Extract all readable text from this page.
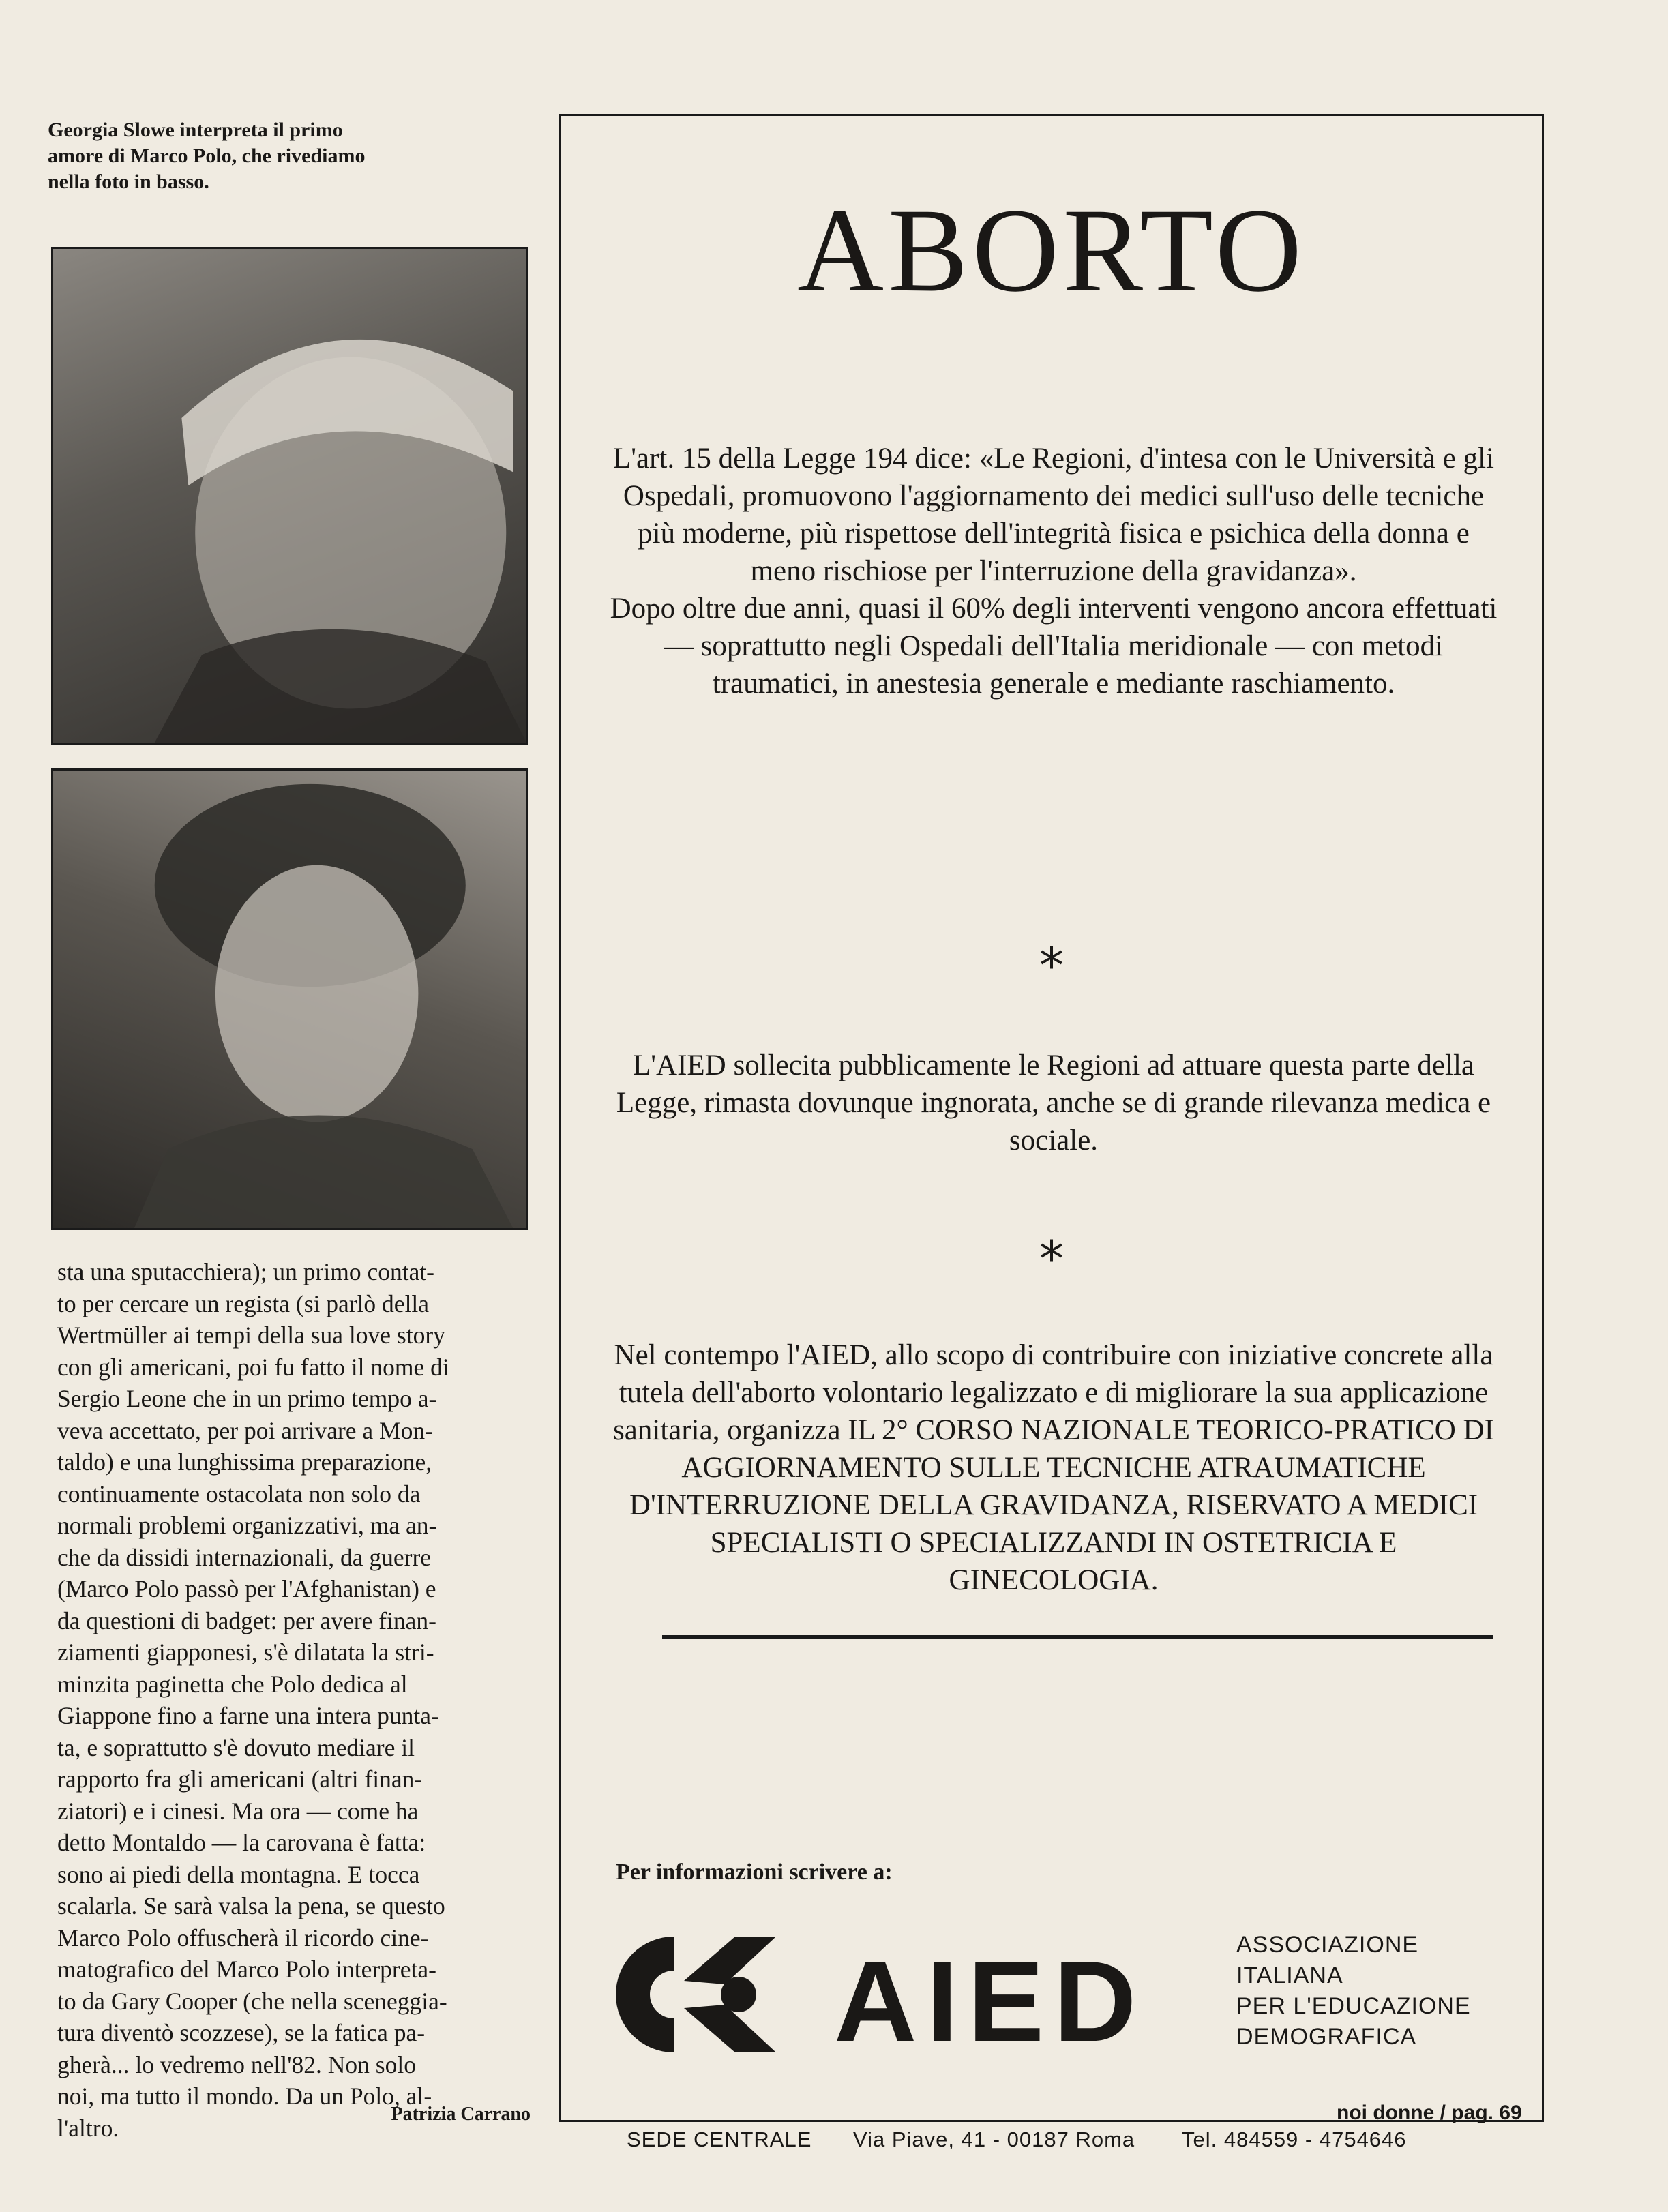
Georgia Slowe interpreta il primo amore di Marco Polo, che rivediamo nella foto in basso.
sta una sputacchiera); un primo contat-
to per cercare un regista (si parlò della
Wertmüller ai tempi della sua love story
con gli americani, poi fu fatto il nome di
Sergio Leone che in un primo tempo a-
veva accettato, per poi arrivare a Mon-
taldo) e una lunghissima preparazione,
continuamente ostacolata non solo da
normali problemi organizzativi, ma an-
che da dissidi internazionali, da guerre
(Marco Polo passò per l'Afghanistan) e
da questioni di badget: per avere finan-
ziamenti giapponesi, s'è dilatata la stri-
minzita paginetta che Polo dedica al
Giappone fino a farne una intera punta-
ta, e soprattutto s'è dovuto mediare il
rapporto fra gli americani (altri finan-
ziatori) e i cinesi. Ma ora — come ha
detto Montaldo — la carovana è fatta:
sono ai piedi della montagna. E tocca
scalarla. Se sarà valsa la pena, se questo
Marco Polo offuscherà il ricordo cine-
matografico del Marco Polo interpreta-
to da Gary Cooper (che nella sceneggia-
tura diventò scozzese), se la fatica pa-
gherà... lo vedremo nell'82. Non solo
noi, ma tutto il mondo. Da un Polo, al-
l'altro.	Patrizia Carrano
ABORTO
L'art. 15 della Legge 194 dice: «Le Regioni, d'intesa con le Università e gli Ospedali, promuovono l'aggiornamento dei medici sull'uso delle tecniche più moderne, più rispettose dell'integrità fisica e psichica della donna e meno rischiose per l'interruzione della gravidanza».
Dopo oltre due anni, quasi il 60% degli interventi vengono ancora effettuati — soprattutto negli Ospedali dell'Italia meridionale — con metodi traumatici, in anestesia generale e mediante raschiamento.
*
L'AIED sollecita pubblicamente le Regioni ad attuare questa parte della Legge, rimasta dovunque ingnorata, anche se di grande rilevanza medica e sociale.
*
Nel contempo l'AIED, allo scopo di contribuire con iniziative concrete alla tutela dell'aborto volontario legalizzato e di migliorare la sua applicazione sanitaria, organizza IL 2° CORSO NAZIONALE TEORICO-PRATICO DI AGGIORNAMENTO SULLE TECNICHE ATRAUMATICHE D'INTERRUZIONE DELLA GRAVIDANZA, RISERVATO A MEDICI SPECIALISTI O SPECIALIZZANDI IN OSTETRICIA E GINECOLOGIA.
Per informazioni scrivere a:
AIED	ASSOCIAZIONE
ITALIANA
PER L'EDUCAZIONE
DEMOGRAFICA
SEDE CENTRALE Via Piave, 41 - 00187 Roma Tel. 484559 - 4754646
noi donne / pag. 69
